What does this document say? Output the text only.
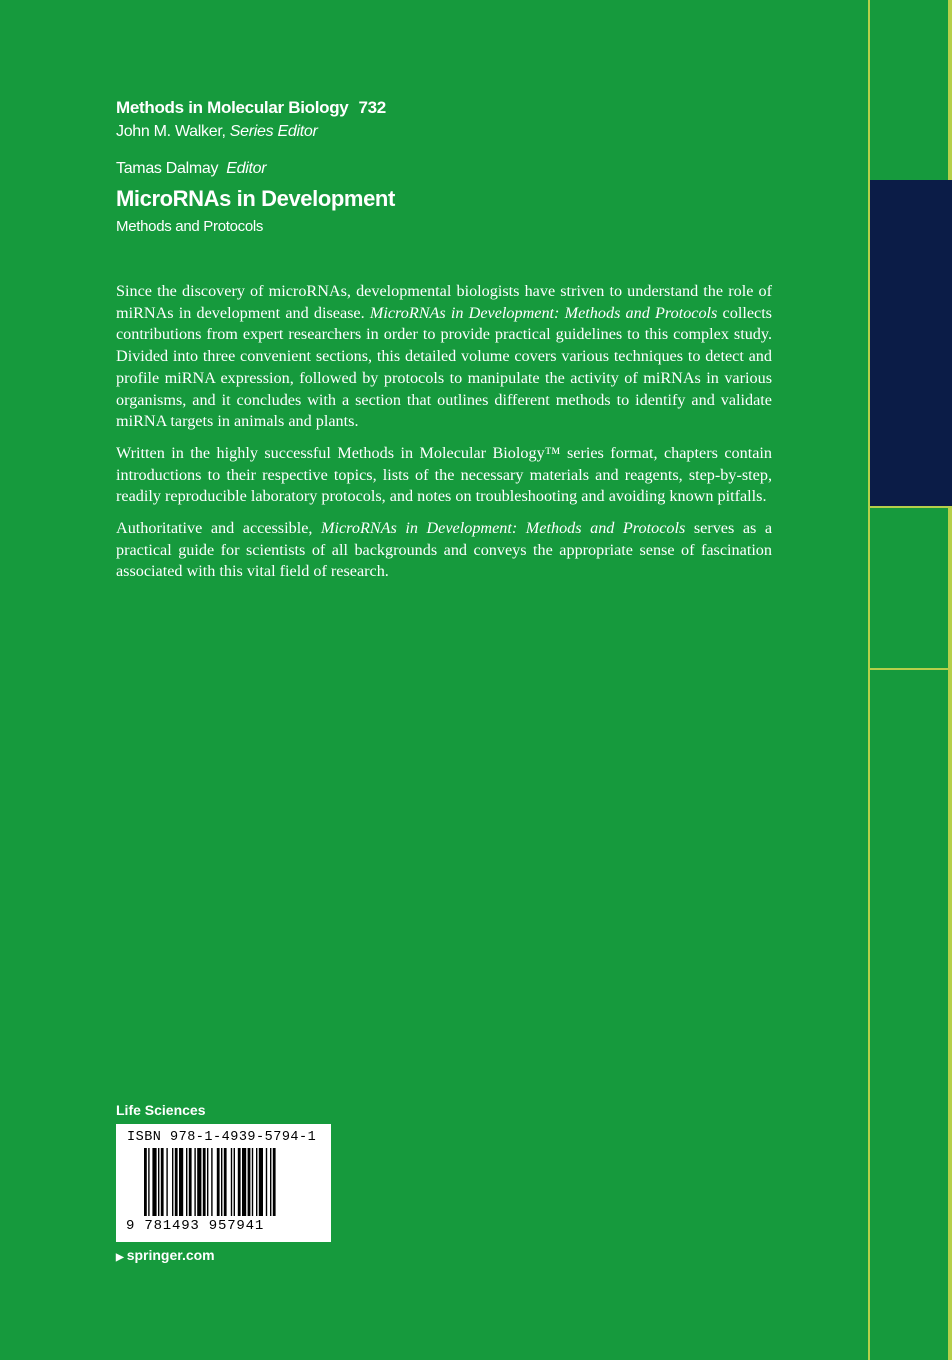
Methods in Molecular Biology 732
John M. Walker, Series Editor
Tamas Dalmay Editor
MicroRNAs in Development
Methods and Protocols

Since the discovery of microRNAs, developmental biologists have striven to understand the role of miRNAs in development and disease. MicroRNAs in Development: Methods and Protocols collects contributions from expert researchers in order to provide practical guidelines to this complex study. Divided into three convenient sections, this detailed volume covers various techniques to detect and profile miRNA expression, followed by protocols to manipulate the activity of miRNAs in various organisms, and it concludes with a section that outlines different methods to identify and validate miRNA targets in animals and plants.

Written in the highly successful Methods in Molecular Biology™ series format, chapters contain introductions to their respective topics, lists of the necessary materials and reagents, step-by-step, readily reproducible laboratory protocols, and notes on troubleshooting and avoiding known pitfalls.

Authoritative and accessible, MicroRNAs in Development: Methods and Protocols serves as a practical guide for scientists of all backgrounds and conveys the appropriate sense of fascination associated with this vital field of research.

Life Sciences
ISBN 978-1-4939-5794-1
9 781493 957941
▶ springer.com
